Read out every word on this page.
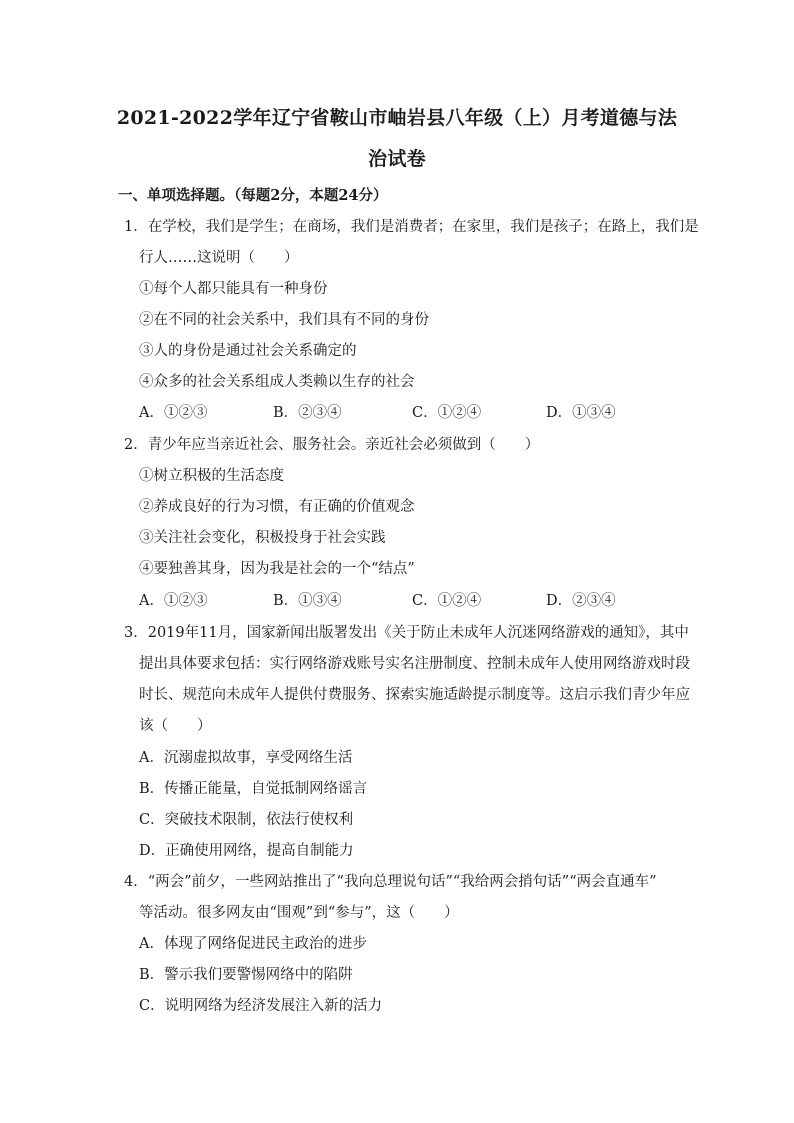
2021-2022学年辽宁省鞍山市岫岩县八年级（上）月考道德与法
治试卷
一、单项选择题。（每题2分，本题24分）
1．在学校，我们是学生；在商场，我们是消费者；在家里，我们是孩子；在路上，我们是
行人……这说明（　　）
①每个人都只能具有一种身份
②在不同的社会关系中，我们具有不同的身份
③人的身份是通过社会关系确定的
④众多的社会关系组成人类赖以生存的社会
A．①②③	B．②③④	C．①②④	D．①③④
2．青少年应当亲近社会、服务社会。亲近社会必须做到（　　）
①树立积极的生活态度
②养成良好的行为习惯，有正确的价值观念
③关注社会变化，积极投身于社会实践
④要独善其身，因为我是社会的一个“结点”
A．①②③	B．①③④	C．①②④	D．②③④
3．2019年11月，国家新闻出版署发出《关于防止未成年人沉迷网络游戏的通知》，其中
提出具体要求包括：实行网络游戏账号实名注册制度、控制未成年人使用网络游戏时段
时长、规范向未成年人提供付费服务、探索实施适龄提示制度等。这启示我们青少年应
该（　　）
A．沉溺虚拟故事，享受网络生活
B．传播正能量，自觉抵制网络谣言
C．突破技术限制，依法行使权利
D．正确使用网络，提高自制能力
4．“两会”前夕，一些网站推出了“我向总理说句话”“我给两会捎句话”“两会直通车”
等活动。很多网友由“围观”到“参与”，这（　　）
A．体现了网络促进民主政治的进步
B．警示我们要警惕网络中的陷阱
C．说明网络为经济发展注入新的活力
